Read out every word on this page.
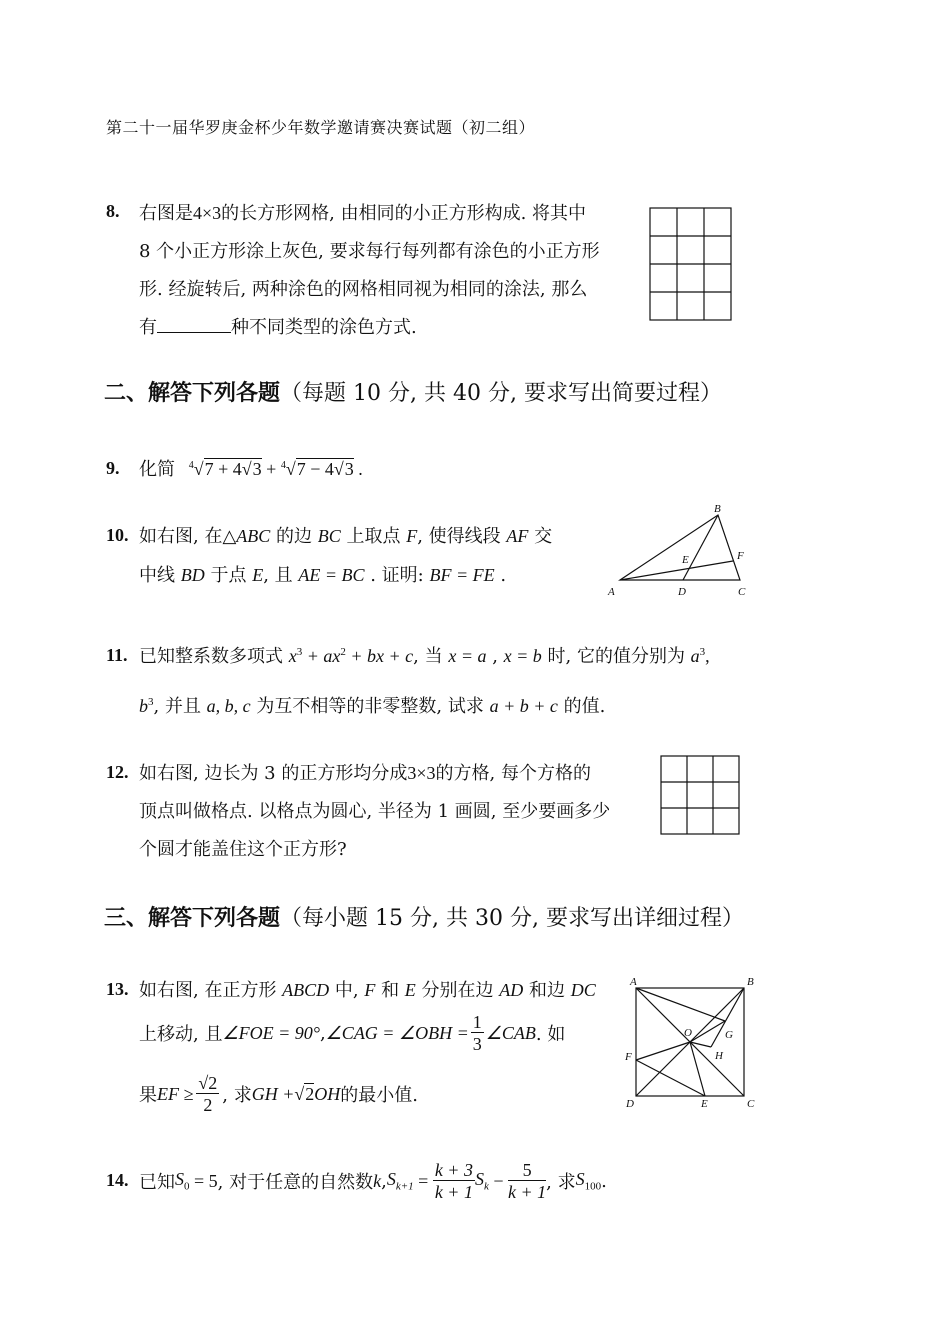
第二十一届华罗庚金杯少年数学邀请赛决赛试题（初二组）
8. 右图是4×3的长方形网格, 由相同的小正方形构成. 将其中
8 个小正方形涂上灰色, 要求每行每列都有涂色的小正方形
形. 经旋转后, 两种涂色的网格相同视为相同的涂法, 那么
有	种不同类型的涂色方式.
二、解答下列各题（每题 10 分, 共 40 分, 要求写出简要过程）
9. 化简 $^4$√7 + 4√3 + $^4$√7 − 4√3 .
10. 如右图, 在△ABC 的边 BC 上取点 F, 使得线段 AF 交
中线 BD 于点 E, 且 AE = BC . 证明: BF = FE .
A
B
C
D
E	F
11. 已知整系数多项式 $x^3 + ax^2$ + bx + c, 当 x = a , x = b 时, 它的值分别为 $a^3$,
$b^3$, 并且 a, b, c 为互不相等的非零整数, 试求 a + b + c 的值.
12. 如右图, 边长为 3 的正方形均分成3×3的方格, 每个方格的
顶点叫做格点. 以格点为圆心, 半径为 1 画圆, 至少要画多少
个圆才能盖住这个正方形?
三、解答下列各题（每小题 15 分, 共 30 分, 要求写出详细过程）
13. 如右图, 在正方形 ABCD 中, F 和 E 分别在边 AD 和边 DC
上移动, 且 ∠FOE = 90° , ∠CAG = ∠OBH = $\frac{1}{3}$ ∠CAB . 如
果 EF ≥ $\frac{√2}{2}$ , 求 GH + √2 OH 的最小值.
A	B
C
D	E
F
G
H
O
14. 已知 $S_0 = 5$ , 对于任意的自然数 k , $S_{k+1} = \frac{k + 3}{k + 1} S_k - \frac{5}{k + 1}$ , 求 $S_{100}$ .
